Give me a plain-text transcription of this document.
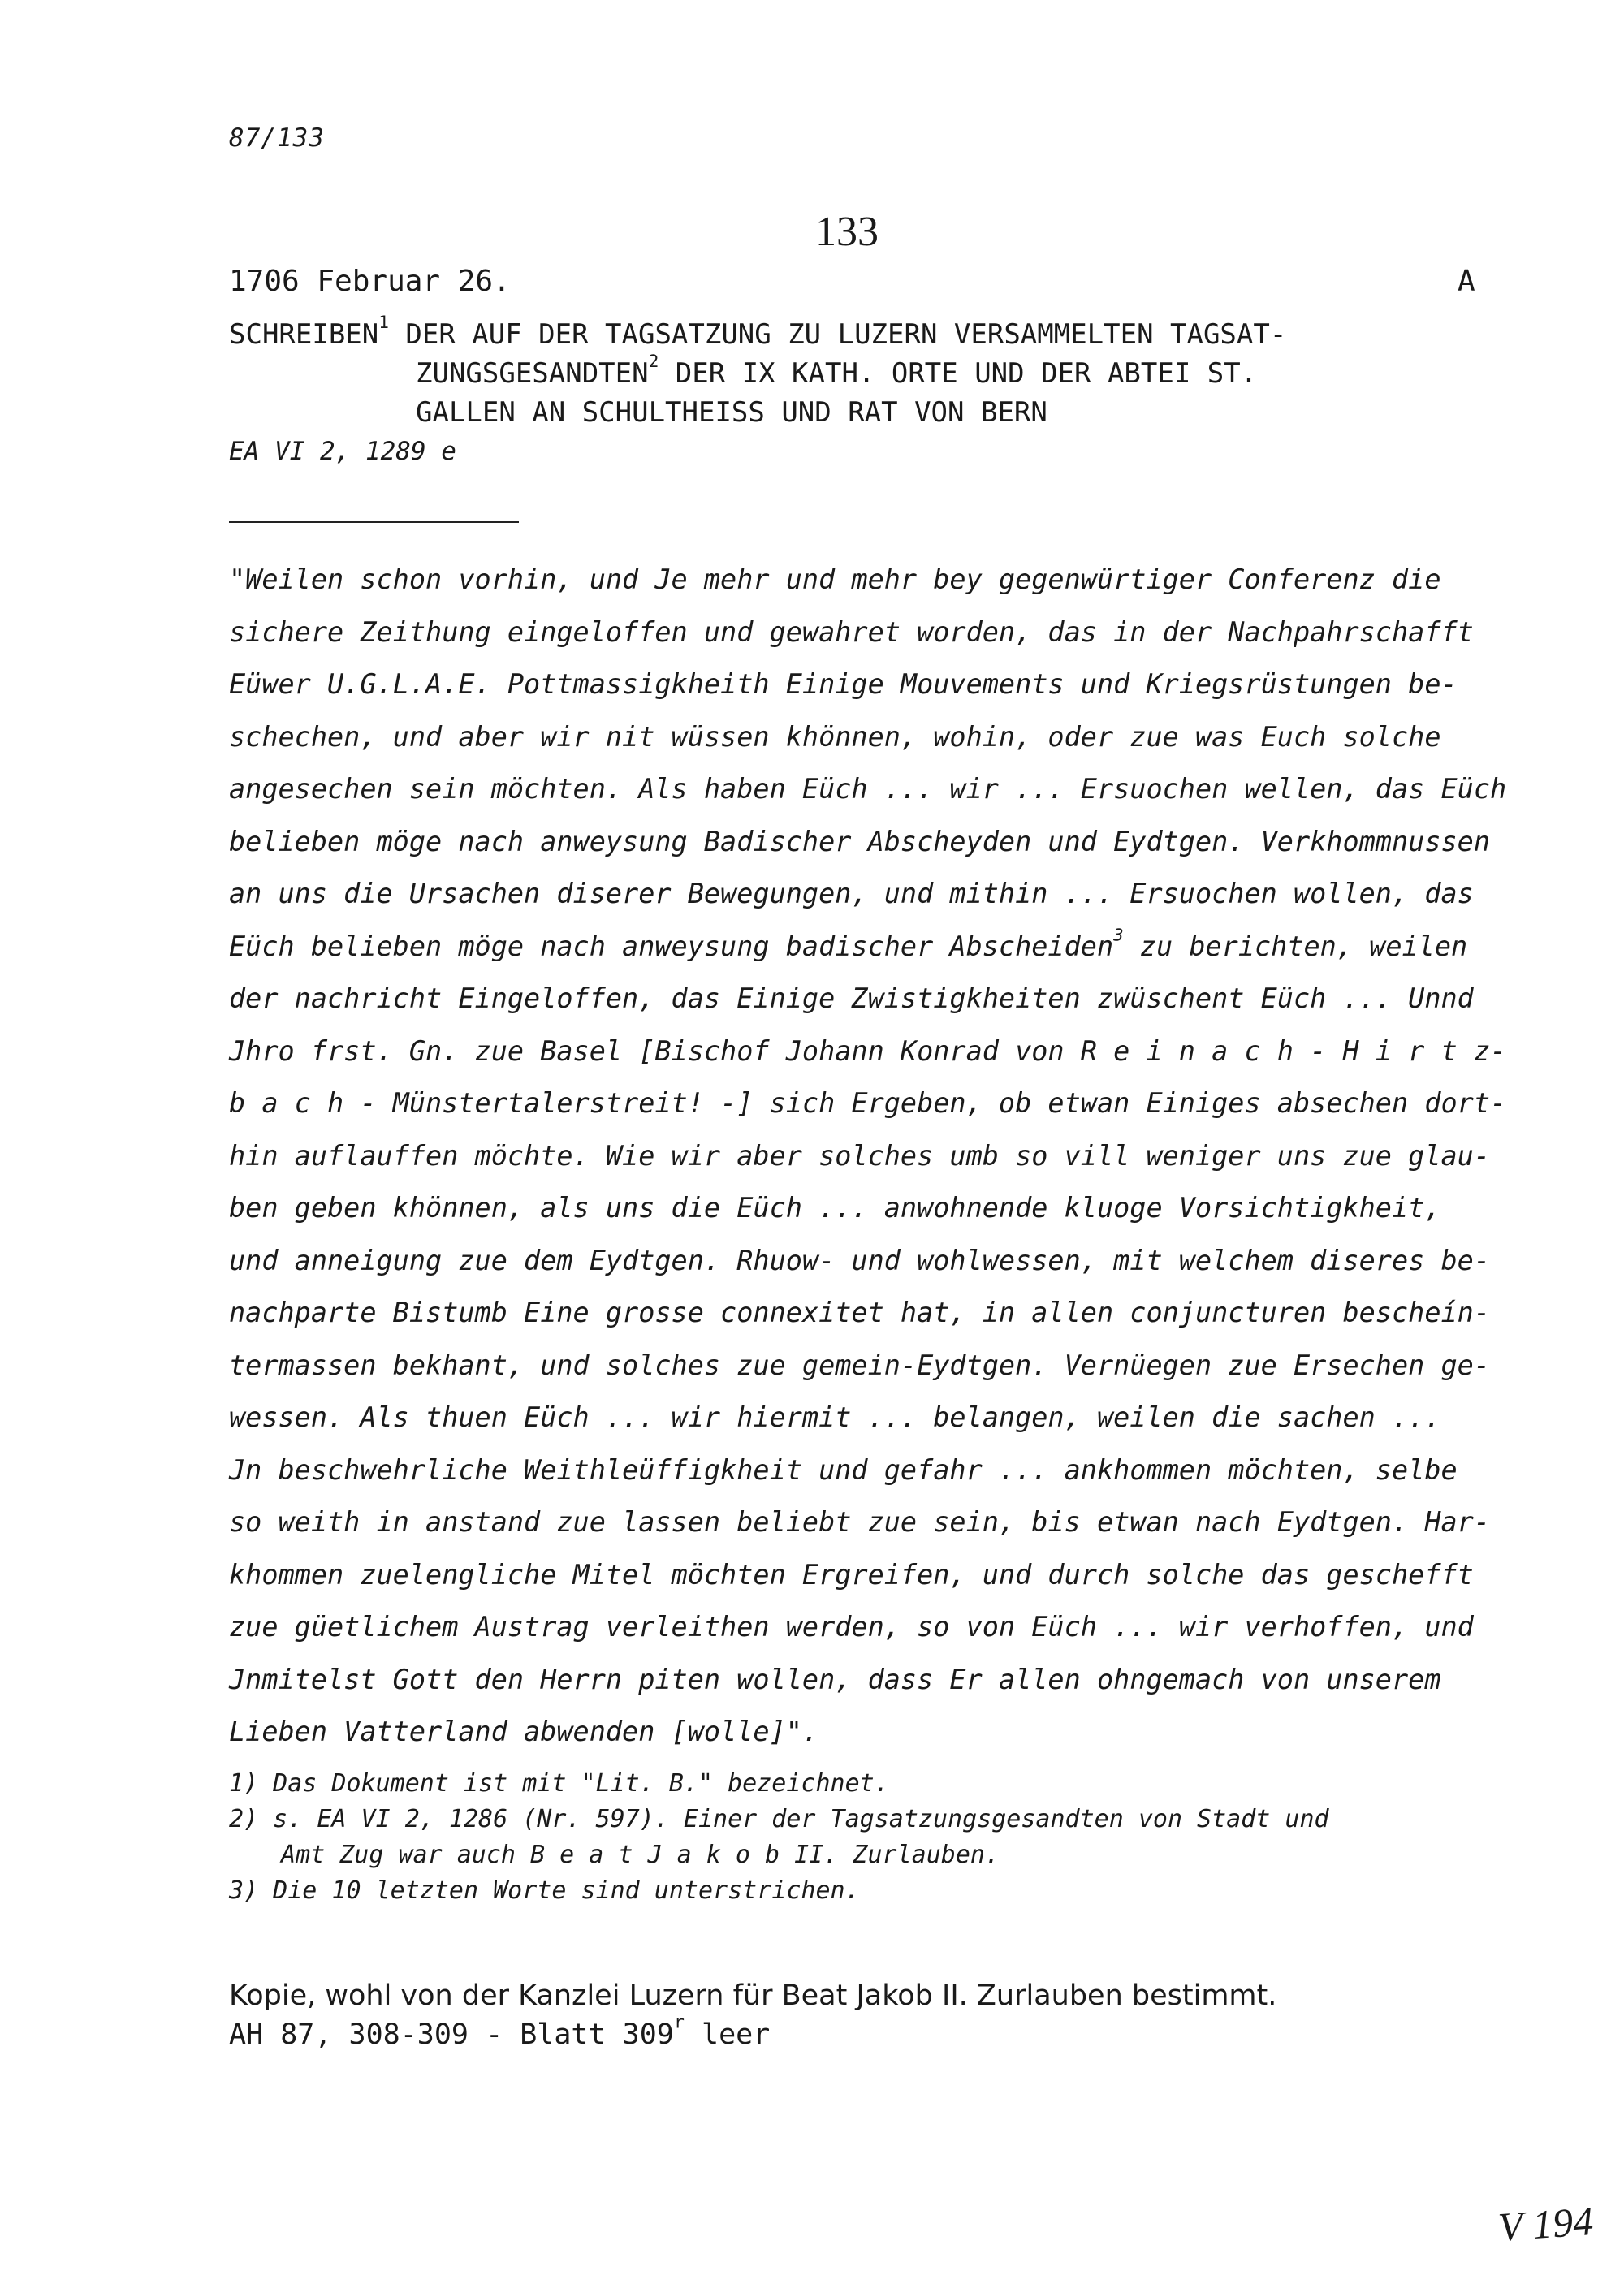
87/133
133
1706 Februar 26.	A
SCHREIBEN$^1$ DER AUF DER TAGSATZUNG ZU LUZERN VERSAMMELTEN TAGSAT-
ZUNGSGESANDTEN$^2$ DER IX KATH. ORTE UND DER ABTEI ST.
GALLEN AN SCHULTHEISS UND RAT VON BERN
EA VI 2, 1289 e
"Weilen schon vorhin, und Je mehr und mehr bey gegenwürtiger Conferenz die
sichere Zeithung eingeloffen und gewahret worden, das in der Nachpahrschafft
Eüwer U.G.L.A.E. Pottmassigkheith Einige Mouvements und Kriegsrüstungen be-
schechen, und aber wir nit wüssen khönnen, wohin, oder zue was Euch solche
angesechen sein möchten. Als haben Eüch ... wir ... Ersuochen wellen, das Eüch
belieben möge nach anweysung Badischer Abscheyden und Eydtgen. Verkhommnussen
an uns die Ursachen diserer Bewegungen, und mithin ... Ersuochen wollen, das
Eüch belieben möge nach anweysung badischer Abscheiden$^3$ zu berichten, weilen
der nachricht Eingeloffen, das Einige Zwistigkheiten zwüschent Eüch ... Unnd
Jhro frst. Gn. zue Basel [Bischof Johann Konrad von R e i n a c h - H i r t z-
b a c h - Münstertalerstreit! -] sich Ergeben, ob etwan Einiges absechen dort-
hin auflauffen möchte. Wie wir aber solches umb so vill weniger uns zue glau-
ben geben khönnen, als uns die Eüch ... anwohnende kluoge Vorsichtigkheit,
und anneigung zue dem Eydtgen. Rhuow- und wohlwessen, mit welchem diseres be-
nachparte Bistumb Eine grosse connexitet hat, in allen conjuncturen bescheín-
termassen bekhant, und solches zue gemein-Eydtgen. Vernüegen zue Ersechen ge-
wessen. Als thuen Eüch ... wir hiermit ... belangen, weilen die sachen ...
Jn beschwehrliche Weithleüffigkheit und gefahr ... ankhommen möchten, selbe
so weith in anstand zue lassen beliebt zue sein, bis etwan nach Eydtgen. Har-
khommen zuelengliche Mitel möchten Ergreifen, und durch solche das geschefft
zue güetlichem Austrag verleithen werden, so von Eüch ... wir verhoffen, und
Jnmitelst Gott den Herrn piten wollen, dass Er allen ohngemach von unserem
Lieben Vatterland abwenden [wolle]".
1) Das Dokument ist mit "Lit. B." bezeichnet.
2) s. EA VI 2, 1286 (Nr. 597). Einer der Tagsatzungsgesandten von Stadt und
Amt Zug war auch B e a t J a k o b II. Zurlauben.
3) Die 10 letzten Worte sind unterstrichen.
Kopie, wohl von der Kanzlei Luzern für Beat Jakob II. Zurlauben bestimmt.
AH 87, 308-309 - Blatt 309$^r$ leer
V 194
